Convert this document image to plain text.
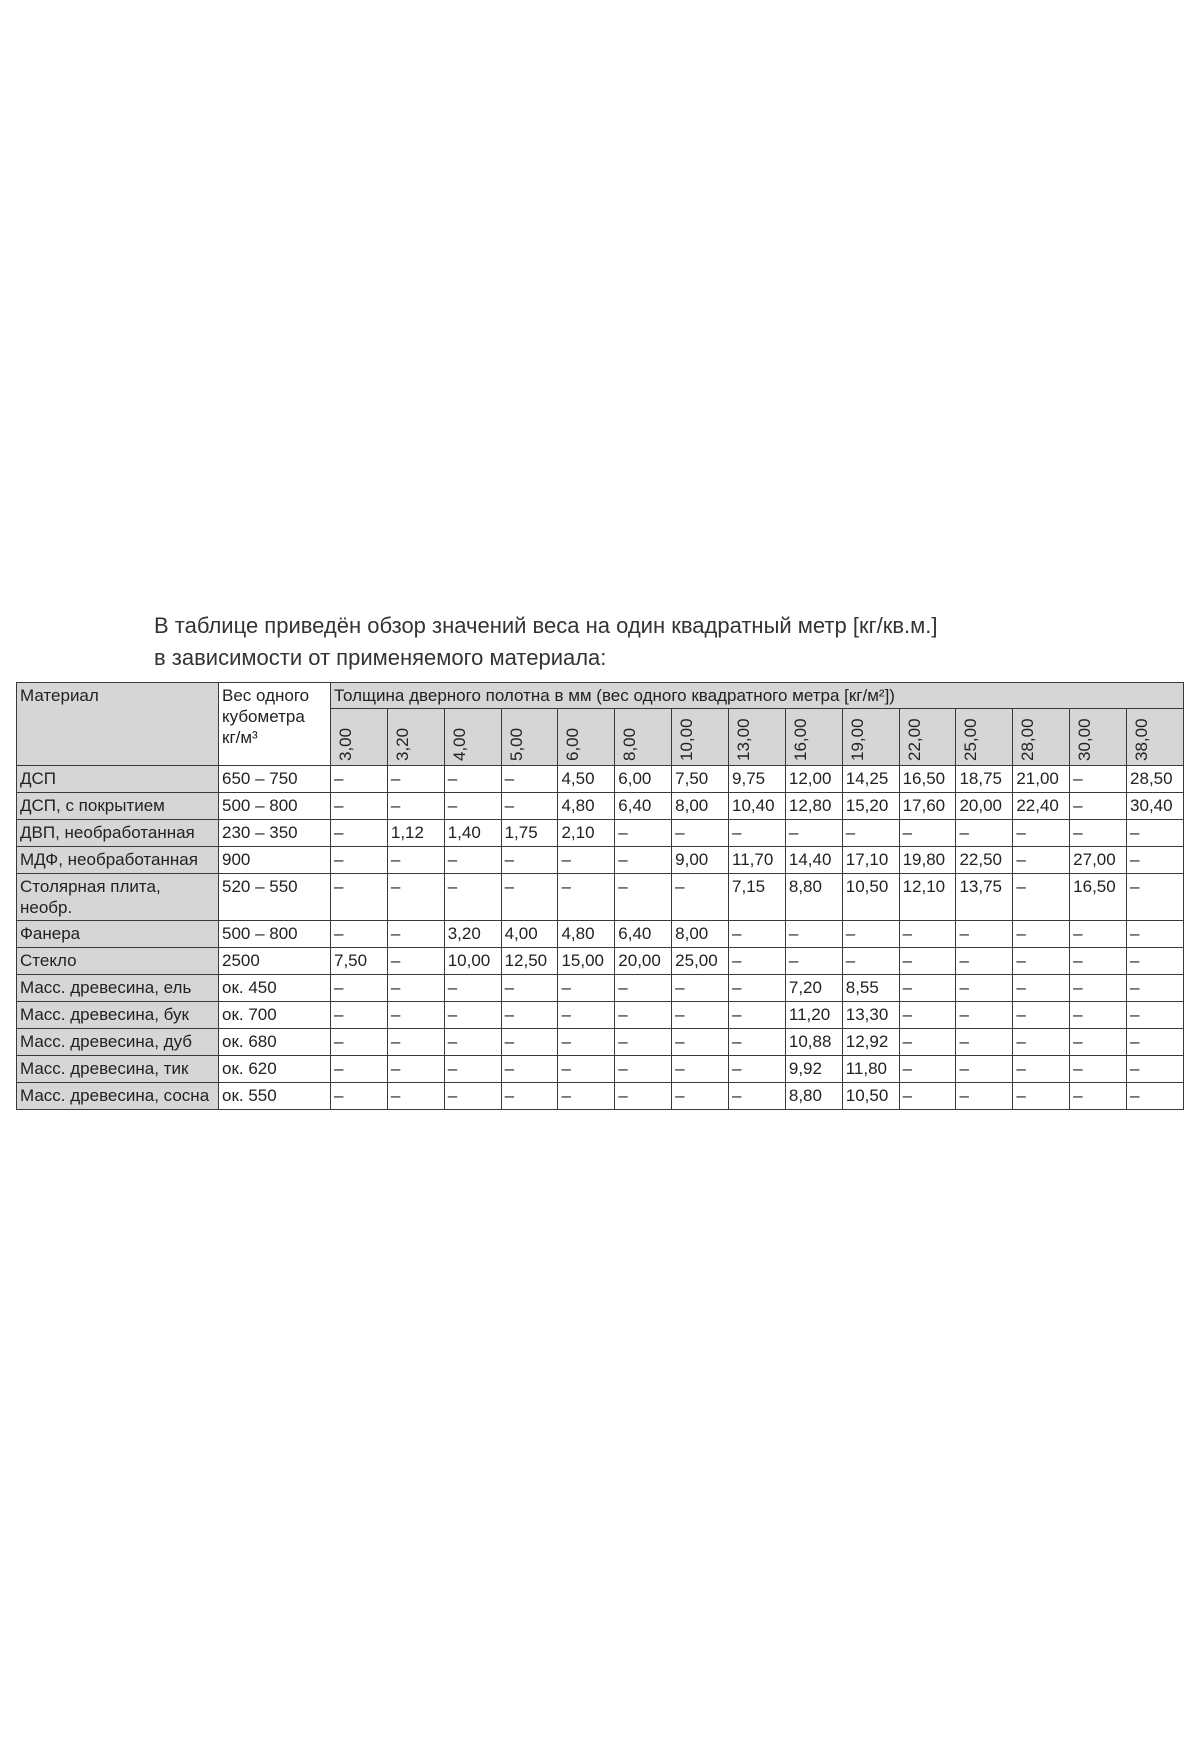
В таблице приведён обзор значений веса на один квадратный метр [кг/кв.м.]

в зависимости от применяемого материала:

Материал	Вес одного кубометра кг/м³	Толщина дверного полотна в мм (вес одного квадратного метра [кг/м²])														

		3,00	3,20	4,00	5,00	6,00	8,00	10,00	13,00	16,00	19,00	22,00	25,00	28,00	30,00	38,00

ДСП	650 – 750	–	–	–	–	4,50	6,00	7,50	9,75	12,00	14,25	16,50	18,75	21,00	–	28,50
ДСП, с покрытием	500 – 800	–	–	–	–	4,80	6,40	8,00	10,40	12,80	15,20	17,60	20,00	22,40	–	30,40
ДВП, необработанная	230 – 350	–	1,12	1,40	1,75	2,10	–	–	–	–	–	–	–	–	–	–
МДФ, необработанная	900	–	–	–	–	–	–	9,00	11,70	14,40	17,10	19,80	22,50	–	27,00	–
Столярная плита, необр.	520 – 550	–	–	–	–	–	–	–	7,15	8,80	10,50	12,10	13,75	–	16,50	–
Фанера	500 – 800	–	–	3,20	4,00	4,80	6,40	8,00	–	–	–	–	–	–	–	–
Стекло	2500	7,50	–	10,00	12,50	15,00	20,00	25,00	–	–	–	–	–	–	–	–
Масс. древесина, ель	ок. 450	–	–	–	–	–	–	–	–	7,20	8,55	–	–	–	–	–
Масс. древесина, бук	ок. 700	–	–	–	–	–	–	–	–	11,20	13,30	–	–	–	–	–
Масс. древесина, дуб	ок. 680	–	–	–	–	–	–	–	–	10,88	12,92	–	–	–	–	–
Масс. древесина, тик	ок. 620	–	–	–	–	–	–	–	–	9,92	11,80	–	–	–	–	–
Масс. древесина, сосна	ок. 550	–	–	–	–	–	–	–	–	8,80	10,50	–	–	–	–	–
